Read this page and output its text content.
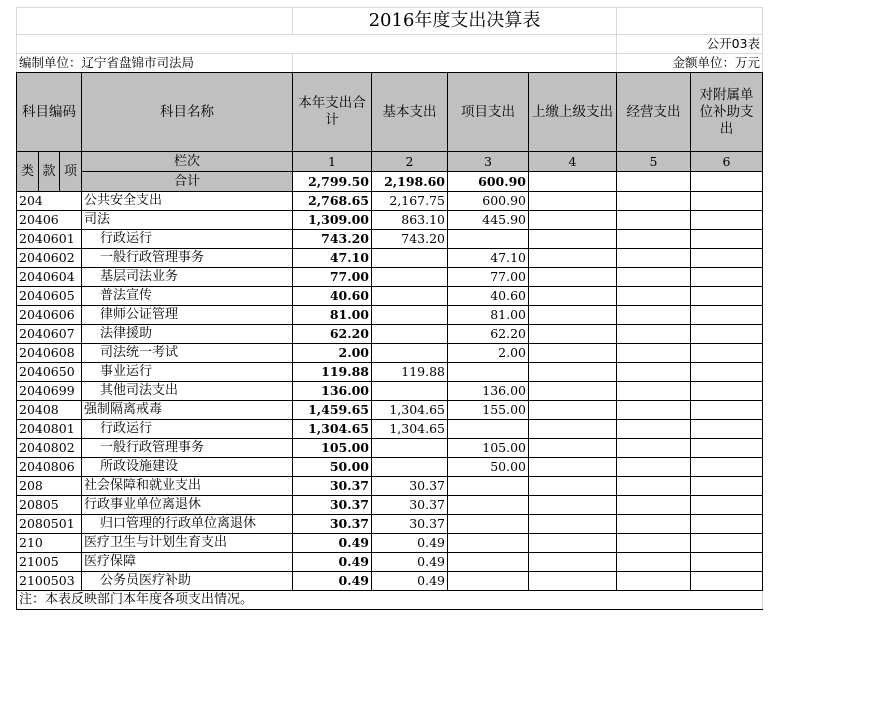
				2016年度支出决算表					
								公开03表	
编制单位：辽宁省盘锦市司法局								金额单位：万元	
科目编码			科目名称	本年支出合计	基本支出	项目支出	上缴上级支出	经营支出	对附属单位补助支出
类	款	项	栏次	1	2	3	4	5	6
			合计	2,799.50	2,198.60	600.90			
204			公共安全支出	2,768.65	2,167.75	600.90			
20406			司法	1,309.00	863.10	445.90			
2040601			行政运行	743.20	743.20				
2040602			一般行政管理事务	47.10		47.10			
2040604			基层司法业务	77.00		77.00			
2040605			普法宣传	40.60		40.60			
2040606			律师公证管理	81.00		81.00			
2040607			法律援助	62.20		62.20			
2040608			司法统一考试	2.00		2.00			
2040650			事业运行	119.88	119.88				
2040699			其他司法支出	136.00		136.00			
20408			强制隔离戒毒	1,459.65	1,304.65	155.00			
2040801			行政运行	1,304.65	1,304.65				
2040802			一般行政管理事务	105.00		105.00			
2040806			所政设施建设	50.00		50.00			
208			社会保障和就业支出	30.37	30.37				
20805			行政事业单位离退休	30.37	30.37				
2080501			归口管理的行政单位离退休	30.37	30.37				
210			医疗卫生与计划生育支出	0.49	0.49				
21005			医疗保障	0.49	0.49				
2100503			公务员医疗补助	0.49	0.49				
注：本表反映部门本年度各项支出情况。									
